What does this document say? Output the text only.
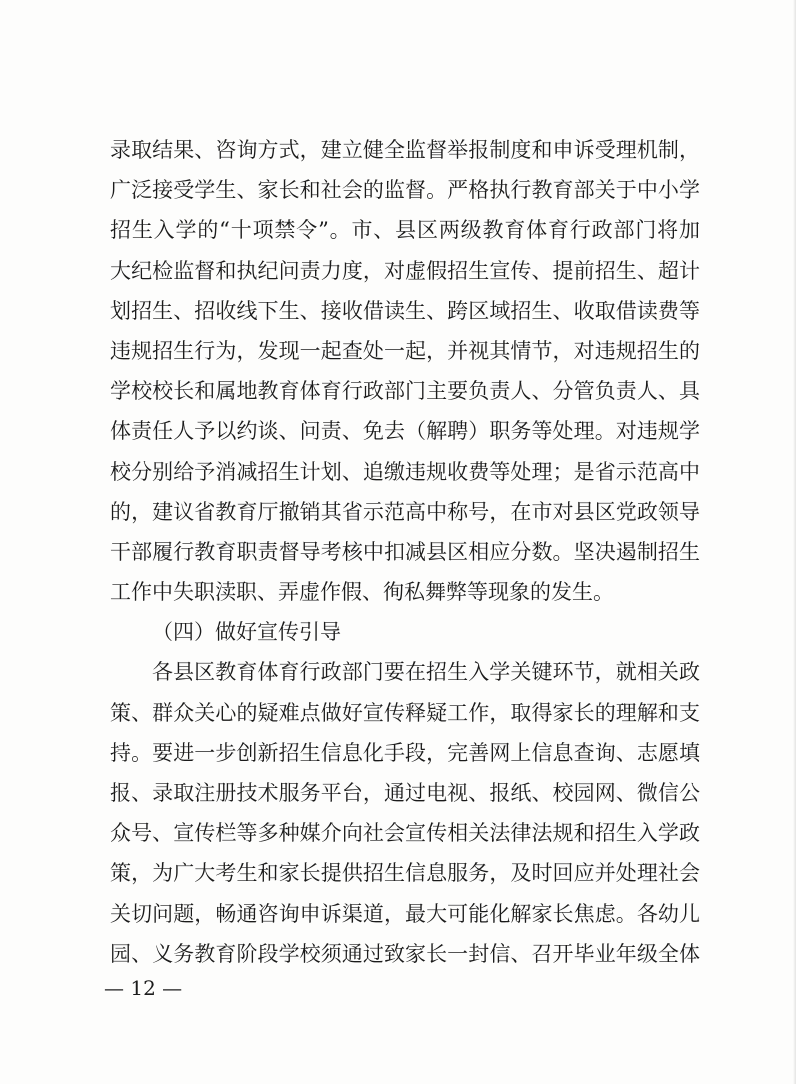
录取结果、咨询方式，建立健全监督举报制度和申诉受理机制，
广泛接受学生、家长和社会的监督。严格执行教育部关于中小学
招生入学的“十项禁令”。市、县区两级教育体育行政部门将加
大纪检监督和执纪问责力度，对虚假招生宣传、提前招生、超计
划招生、招收线下生、接收借读生、跨区域招生、收取借读费等
违规招生行为，发现一起查处一起，并视其情节，对违规招生的
学校校长和属地教育体育行政部门主要负责人、分管负责人、具
体责任人予以约谈、问责、免去（解聘）职务等处理。对违规学
校分别给予消减招生计划、追缴违规收费等处理；是省示范高中
的，建议省教育厅撤销其省示范高中称号，在市对县区党政领导
干部履行教育职责督导考核中扣减县区相应分数。坚决遏制招生
工作中失职渎职、弄虚作假、徇私舞弊等现象的发生。
（四）做好宣传引导
各县区教育体育行政部门要在招生入学关键环节，就相关政
策、群众关心的疑难点做好宣传释疑工作，取得家长的理解和支
持。要进一步创新招生信息化手段，完善网上信息查询、志愿填
报、录取注册技术服务平台，通过电视、报纸、校园网、微信公
众号、宣传栏等多种媒介向社会宣传相关法律法规和招生入学政
策，为广大考生和家长提供招生信息服务，及时回应并处理社会
关切问题，畅通咨询申诉渠道，最大可能化解家长焦虑。各幼儿
园、义务教育阶段学校须通过致家长一封信、召开毕业年级全体
— 12 —
